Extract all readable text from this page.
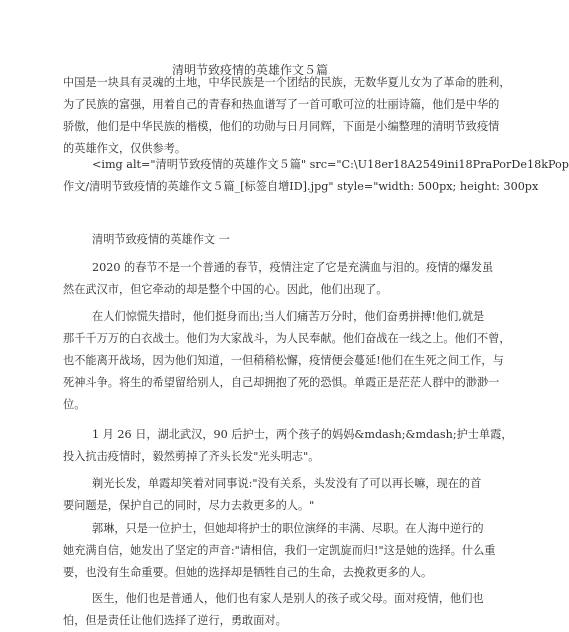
清明节致疫情的英雄作文５篇
中国是一块具有灵魂的土地，中华民族是一个团结的民族，无数华夏儿女为了革命的胜利，
为了民族的富强，用着自己的青春和热血谱写了一首可歌可泣的壮丽诗篇，他们是中华的
骄傲，他们是中华民族的楷模，他们的功勋与日月同辉，下面是小编整理的清明节致疫情
的英雄作文，仅供参考。
<img alt="清明节致疫情的英雄作文５篇" src="C:\U18er18A2549ini18PraPorDe18kPop
作文/清明节致疫情的英雄作文５篇_[标签自增ID].jpg" style="width: 500px; height: 300px
清明节致疫情的英雄作文 一
2020 的春节不是一个普通的春节，疫情注定了它是充满血与泪的。疫情的爆发虽
然在武汉市，但它牵动的却是整个中国的心。因此，他们出现了。
在人们惊慌失措时，他们挺身而出;当人们痛苦万分时，他们奋勇拼搏!他们,就是
那千千万万的白衣战士。他们为大家战斗，为人民奉献。他们奋战在一线之上。他们不曾，
也不能离开战场，因为他们知道，一但稍稍松懈，疫情便会蔓延!他们在生死之间工作，与
死神斗争。将生的希望留给别人，自己却拥抱了死的恐惧。单霞正是茫茫人群中的渺渺一
位。
1 月 26 日，湖北武汉，90 后护士，两个孩子的妈妈&mdash;&mdash;护士单霞，
投入抗击疫情时，毅然剪掉了齐头长发"光头明志"。
剃光长发，单霞却笑着对同事说:"没有关系，头发没有了可以再长嘛，现在的首
要问题是，保护自己的同时，尽力去救更多的人。"
郭琳，只是一位护士，但她却将护士的职位演绎的丰满、尽职。在人海中逆行的
她充满自信，她发出了坚定的声音:"请相信，我们一定凯旋而归!"这是她的选择。什么重
要，也没有生命重要。但她的选择却是牺牲自己的生命，去挽救更多的人。
医生，他们也是普通人，他们也有家人是别人的孩子或父母。面对疫情，他们也
怕，但是责任让他们选择了逆行，勇敢面对。
